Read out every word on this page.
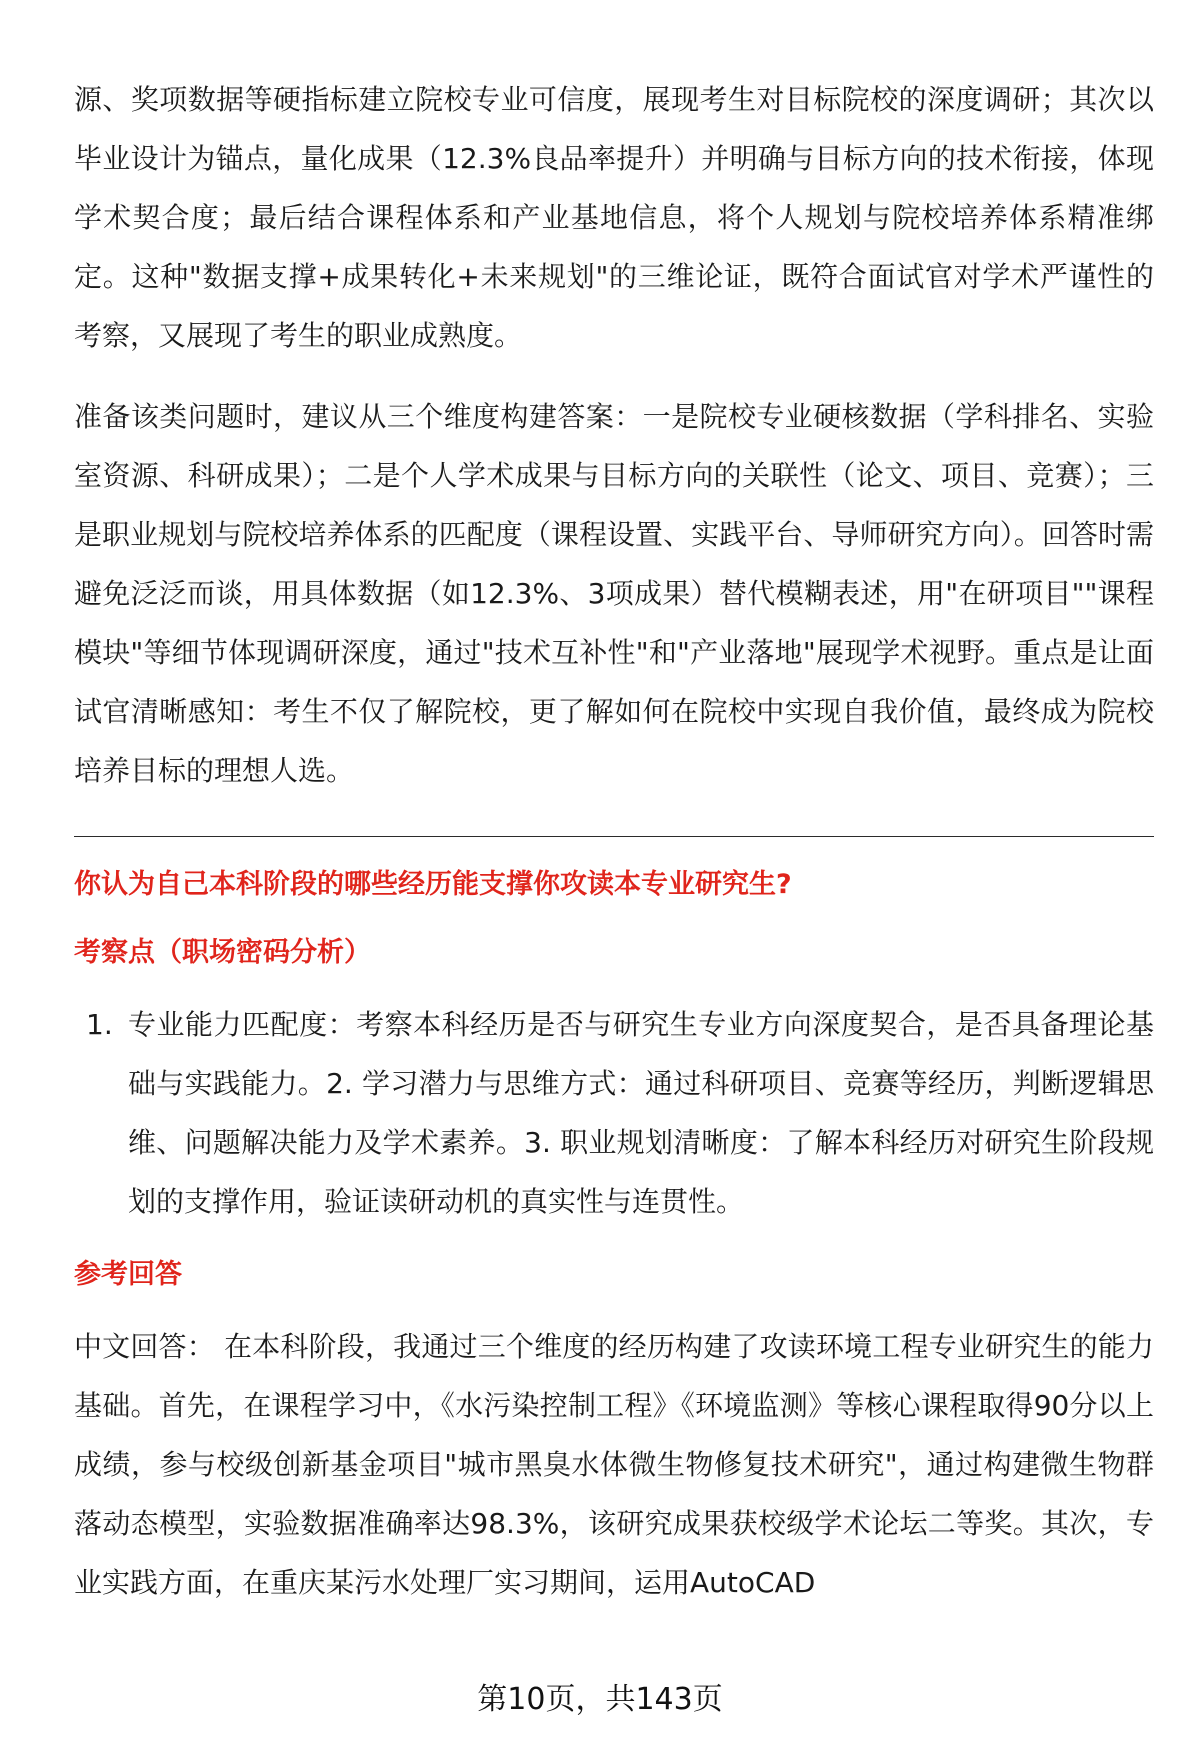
源、奖项数据等硬指标建立院校专业可信度，展现考生对目标院校的深度调研；其次以毕业设计为锚点，量化成果（12.3%良品率提升）并明确与目标方向的技术衔接，体现学术契合度；最后结合课程体系和产业基地信息，将个人规划与院校培养体系精准绑定。这种"数据支撑+成果转化+未来规划"的三维论证，既符合面试官对学术严谨性的考察，又展现了考生的职业成熟度。

准备该类问题时，建议从三个维度构建答案：一是院校专业硬核数据（学科排名、实验室资源、科研成果）；二是个人学术成果与目标方向的关联性（论文、项目、竞赛）；三是职业规划与院校培养体系的匹配度（课程设置、实践平台、导师研究方向）。回答时需避免泛泛而谈，用具体数据（如12.3%、3项成果）替代模糊表述，用"在研项目""课程模块"等细节体现调研深度，通过"技术互补性"和"产业落地"展现学术视野。重点是让面试官清晰感知：考生不仅了解院校，更了解如何在院校中实现自我价值，最终成为院校培养目标的理想人选。

你认为自己本科阶段的哪些经历能支撑你攻读本专业研究生?
考察点（职场密码分析）
1. 专业能力匹配度：考察本科经历是否与研究生专业方向深度契合，是否具备理论基础与实践能力。2. 学习潜力与思维方式：通过科研项目、竞赛等经历，判断逻辑思维、问题解决能力及学术素养。3. 职业规划清晰度：了解本科经历对研究生阶段规划的支撑作用，验证读研动机的真实性与连贯性。
参考回答

中文回答： 在本科阶段，我通过三个维度的经历构建了攻读环境工程专业研究生的能力基础。首先，在课程学习中，《水污染控制工程》《环境监测》等核心课程取得90分以上成绩，参与校级创新基金项目"城市黑臭水体微生物修复技术研究"，通过构建微生物群落动态模型，实验数据准确率达98.3%，该研究成果获校级学术论坛二等奖。其次，专业实践方面，在重庆某污水处理厂实习期间，运用AutoCAD

第10页，共143页
